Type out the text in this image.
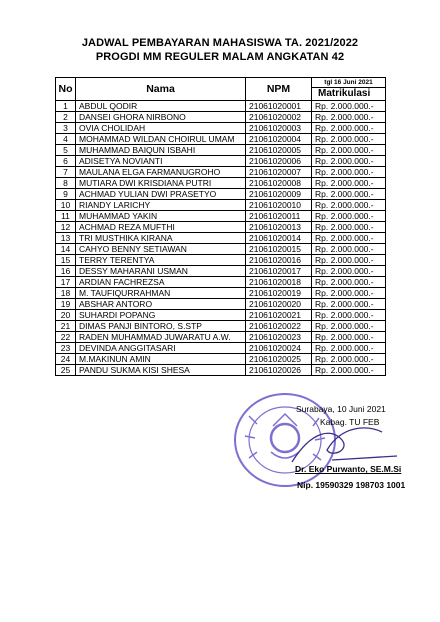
JADWAL PEMBAYARAN MAHASISWA TA. 2021/2022
PROGDI MM REGULER MALAM ANGKATAN 42
No	Nama	NPM	tgl 16 Juni 2021
			Matrikulasi
1	ABDUL QODIR	21061020001	Rp. 2.000.000.-
2	DANSEI GHORA NIRBONO	21061020002	Rp. 2.000.000.-
3	OVIA CHOLIDAH	21061020003	Rp. 2.000.000.-
4	MOHAMMAD WILDAN CHOIRUL UMAM	21061020004	Rp. 2.000.000.-
5	MUHAMMAD BAIQUN ISBAHI	21061020005	Rp. 2.000.000.-
6	ADISETYA NOVIANTI	21061020006	Rp. 2.000.000.-
7	MAULANA ELGA FARMANUGROHO	21061020007	Rp. 2.000.000.-
8	MUTIARA DWI KRISDIANA PUTRI	21061020008	Rp. 2.000.000.-
9	ACHMAD YULIAN DWI PRASETYO	21061020009	Rp. 2.000.000.-
10	RIANDY LARICHY	21061020010	Rp. 2.000.000.-
11	MUHAMMAD YAKIN	21061020011	Rp. 2.000.000.-
12	ACHMAD REZA MUFTHI	21061020013	Rp. 2.000.000.-
13	TRI MUSTHIKA KIRANA	21061020014	Rp. 2.000.000.-
14	CAHYO BENNY SETIAWAN	21061020015	Rp. 2.000.000.-
15	TERRY TERENTYA	21061020016	Rp. 2.000.000.-
16	DESSY MAHARANI USMAN	21061020017	Rp. 2.000.000.-
17	ARDIAN FACHREZSA	21061020018	Rp. 2.000.000.-
18	M. TAUFIQURRAHMAN	21061020019	Rp. 2.000.000.-
19	ABSHAR ANTORO	21061020020	Rp. 2.000.000.-
20	SUHARDI POPANG	21061020021	Rp. 2.000.000.-
21	DIMAS PANJI BINTORO, S.STP	21061020022	Rp. 2.000.000.-
22	RADEN MUHAMMAD JUWARATU A.W.	21061020023	Rp. 2.000.000.-
23	DEVINDA ANGGITASARI	21061020024	Rp. 2.000.000.-
24	M.MAKINUN AMIN	21061020025	Rp. 2.000.000.-
25	PANDU SUKMA KISI SHESA	21061020026	Rp. 2.000.000.-
Surabaya, 10 Juni 2021
Kabag. TU FEB
Dr. Eko Purwanto, SE.M.Si
Nip. 19590329 198703 1001
